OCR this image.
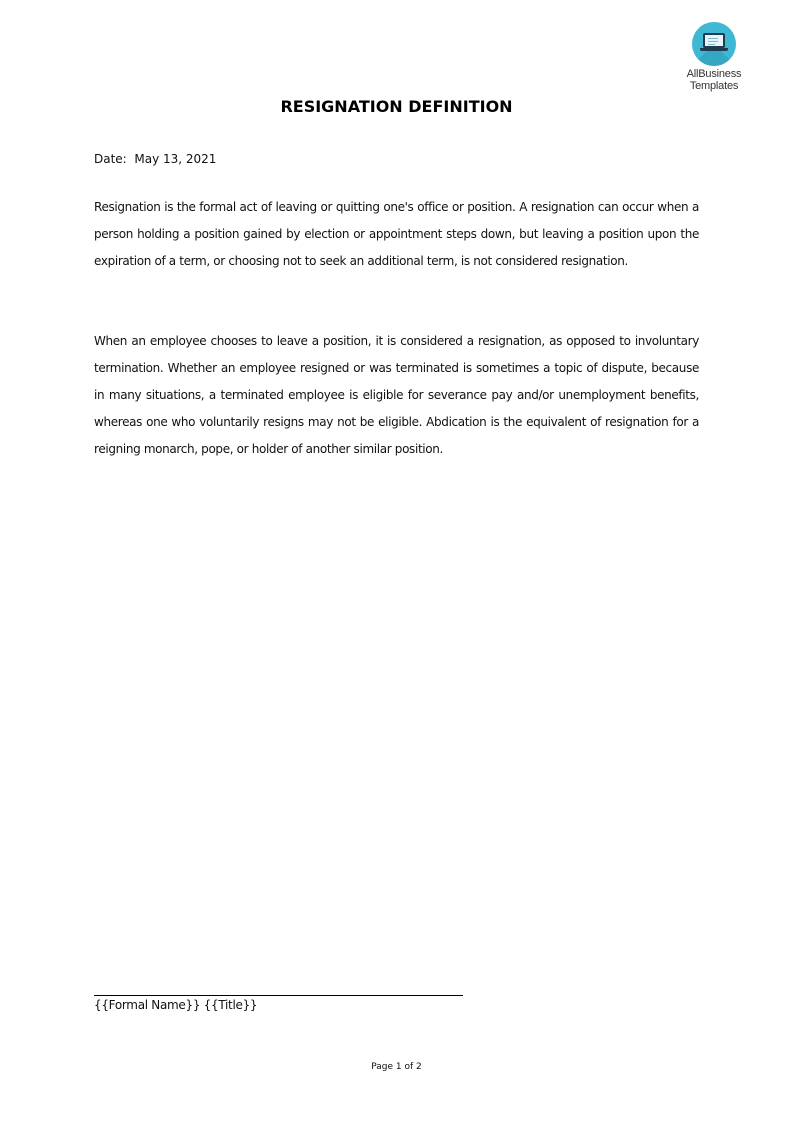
AllBusiness
Templates
RESIGNATION DEFINITION
Date: May 13, 2021
Resignation is the formal act of leaving or quitting one's office or position. A resignation can occur when a person holding a position gained by election or appointment steps down, but leaving a position upon the expiration of a term, or choosing not to seek an additional term, is not considered resignation.
When an employee chooses to leave a position, it is considered a resignation, as opposed to involuntary termination. Whether an employee resigned or was terminated is sometimes a topic of dispute, because in many situations, a terminated employee is eligible for severance pay and/or unemployment benefits, whereas one who voluntarily resigns may not be eligible. Abdication is the equivalent of resignation for a reigning monarch, pope, or holder of another similar position.
{{Formal Name}} {{Title}}
Page 1 of 2
